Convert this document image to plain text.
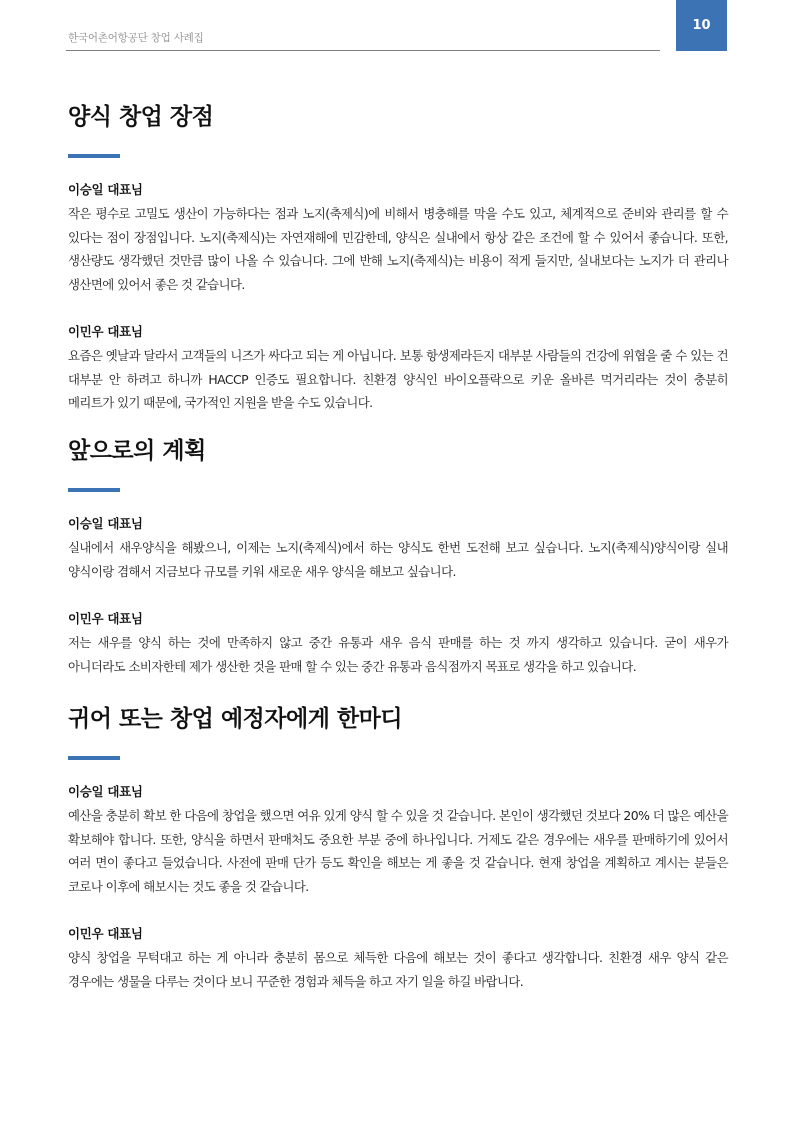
한국어촌어항공단 창업 사례집
10
양식 창업 장점

이승일 대표님

작은 평수로 고밀도 생산이 가능하다는 점과 노지(축제식)에 비해서 병충해를 막을 수도 있고, 체계적으로 준비와 관리를 할 수 있다는 점이 장점입니다. 노지(축제식)는 자연재해에 민감한데, 양식은 실내에서 항상 같은 조건에 할 수 있어서 좋습니다. 또한, 생산량도 생각했던 것만큼 많이 나올 수 있습니다. 그에 반해 노지(축제식)는 비용이 적게 들지만, 실내보다는 노지가 더 관리나 생산면에 있어서 좋은 것 같습니다.

이민우 대표님

요즘은 옛날과 달라서 고객들의 니즈가 싸다고 되는 게 아닙니다. 보통 항생제라든지 대부분 사람들의 건강에 위협을 줄 수 있는 건 대부분 안 하려고 하니까 HACCP 인증도 필요합니다. 친환경 양식인 바이오플락으로 키운 올바른 먹거리라는 것이 충분히 메리트가 있기 때문에, 국가적인 지원을 받을 수도 있습니다.

앞으로의 계획

이승일 대표님

실내에서 새우양식을 해봤으니, 이제는 노지(축제식)에서 하는 양식도 한번 도전해 보고 싶습니다. 노지(축제식)양식이랑 실내 양식이랑 겸해서 지금보다 규모를 키워 새로운 새우 양식을 해보고 싶습니다.

이민우 대표님

저는 새우를 양식 하는 것에 만족하지 않고 중간 유통과 새우 음식 판매를 하는 것 까지 생각하고 있습니다. 굳이 새우가 아니더라도 소비자한테 제가 생산한 것을 판매 할 수 있는 중간 유통과 음식점까지 목표로 생각을 하고 있습니다.

귀어 또는 창업 예정자에게 한마디

이승일 대표님

예산을 충분히 확보 한 다음에 창업을 했으면 여유 있게 양식 할 수 있을 것 같습니다. 본인이 생각했던 것보다 20% 더 많은 예산을 확보해야 합니다. 또한, 양식을 하면서 판매처도 중요한 부분 중에 하나입니다. 거제도 같은 경우에는 새우를 판매하기에 있어서 여러 면이 좋다고 들었습니다. 사전에 판매 단가 등도 확인을 해보는 게 좋을 것 같습니다. 현재 창업을 계획하고 계시는 분들은 코로나 이후에 해보시는 것도 좋을 것 같습니다.

이민우 대표님

양식 창업을 무턱대고 하는 게 아니라 충분히 몸으로 체득한 다음에 해보는 것이 좋다고 생각합니다. 친환경 새우 양식 같은 경우에는 생물을 다루는 것이다 보니 꾸준한 경험과 체득을 하고 자기 일을 하길 바랍니다.
